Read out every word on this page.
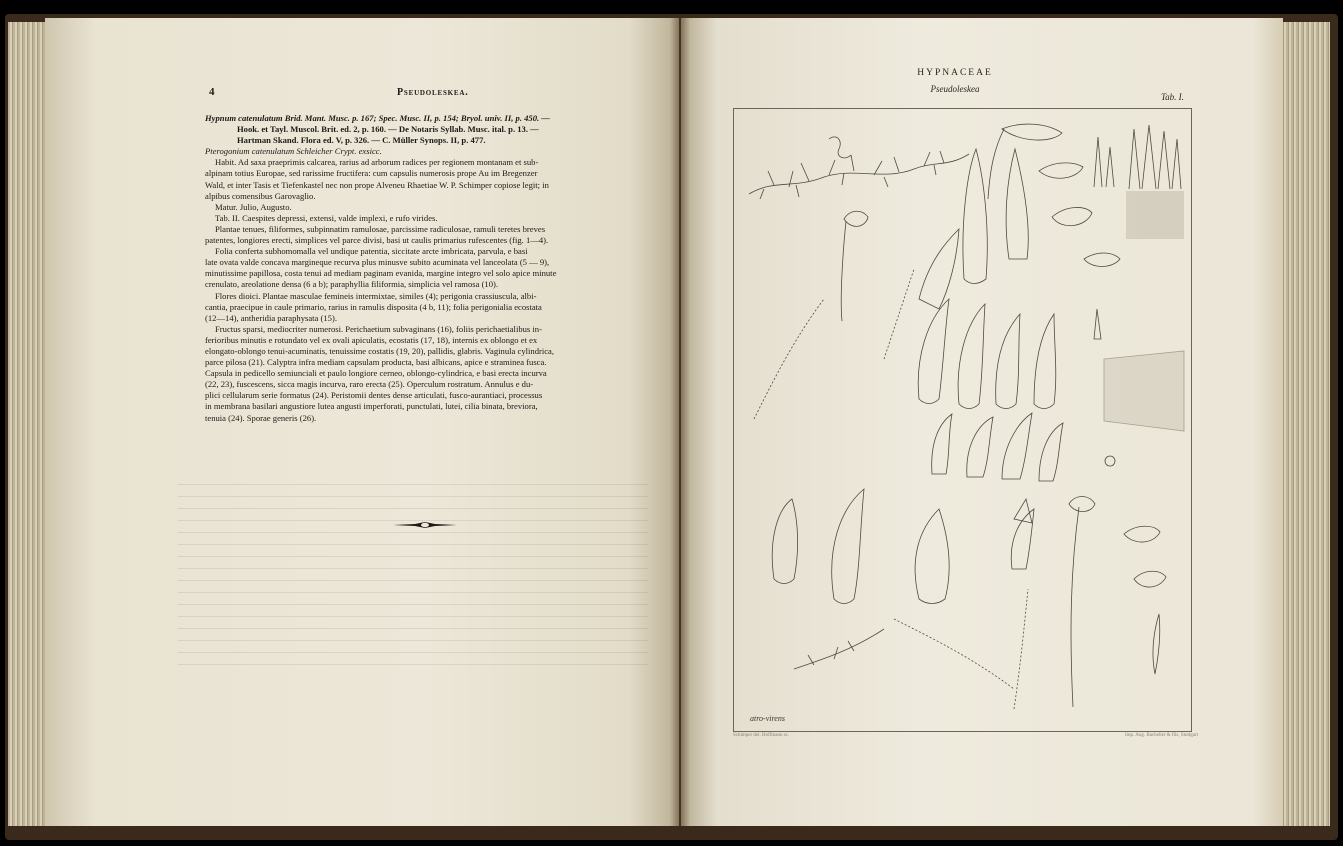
4	Pseudoleskea.

Hypnum catenulatum Brid. Mant. Musc. p. 167; Spec. Musc. II, p. 154; Bryol. univ. II, p. 450. —

Hook. et Tayl. Muscol. Brit. ed. 2, p. 160. — De Notaris Syllab. Musc. ital. p. 13. —

Hartman Skand. Flora ed. V, p. 326. — C. Müller Synops. II, p. 477.

Pterogonium catenulatum Schleicher Crypt. exsicc.

Habit. Ad saxa praeprimis calcarea, rarius ad arborum radices per regionem montanam et sub-

alpinam totius Europae, sed rarissime fructifera: cum capsulis numerosis prope Au im Bregenzer

Wald, et inter Tasis et Tiefenkastel nec non prope Alveneu Rhaetiae W. P. Schimper copiose legit; in

alpibus comensibus Garovaglio.

Matur. Julio, Augusto.

Tab. II. Caespites depressi, extensi, valde implexi, e rufo virides.

Plantae tenues, filiformes, subpinnatim ramulosae, parcissime radiculosae, ramuli teretes breves

patentes, longiores erecti, simplices vel parce divisi, basi ut caulis primarius rufescentes (fig. 1—4).

Folia conferta subhomomalla vel undique patentia, siccitate arcte imbricata, parvula, e basi

late ovata valde concava margineque recurva plus minusve subito acuminata vel lanceolata (5 — 9),

minutissime papillosa, costa tenui ad mediam paginam evanida, margine integro vel solo apice minute

crenulato, areolatione densa (6 a b); paraphyllia filiformia, simplicia vel ramosa (10).

Flores dioici. Plantae masculae femineis intermixtae, similes (4); perigonia crassiuscula, albi-

cantia, praecipue in caule primario, rarius in ramulis disposita (4 b, 11); folia perigonialia ecostata

(12—14), antheridia paraphysata (15).

Fructus sparsi, mediocriter numerosi. Perichaetium subvaginans (16), foliis perichaetialibus in-

ferioribus minutis e rotundato vel ex ovali apiculatis, ecostatis (17, 18), internis ex oblongo et ex

elongato-oblongo tenui-acuminatis, tenuissime costatis (19, 20), pallidis, glabris. Vaginula cylindrica,

parce pilosa (21). Calyptra infra mediam capsulam producta, basi albicans, apice e straminea fusca.

Capsula in pedicello semiunciali et paulo longiore cerneo, oblongo-cylindrica, e basi erecta incurva

(22, 23), fuscescens, sicca magis incurva, raro erecta (25). Operculum rostratum. Annulus e du-

plici cellularum serie formatus (24). Peristomii dentes dense articulati, fusco-aurantiaci, processus

in membrana basilari angustiore lutea angusti imperforati, punctulati, lutei, cilia binata, breviora,

tenuia (24). Sporae generis (26).

HYPNACEAE
Pseudoleskea
Tab. I.
atro-virens
Schimper del. Hoffmann sc.	Imp. Aug. Bachelier & fils, Stuttgart
